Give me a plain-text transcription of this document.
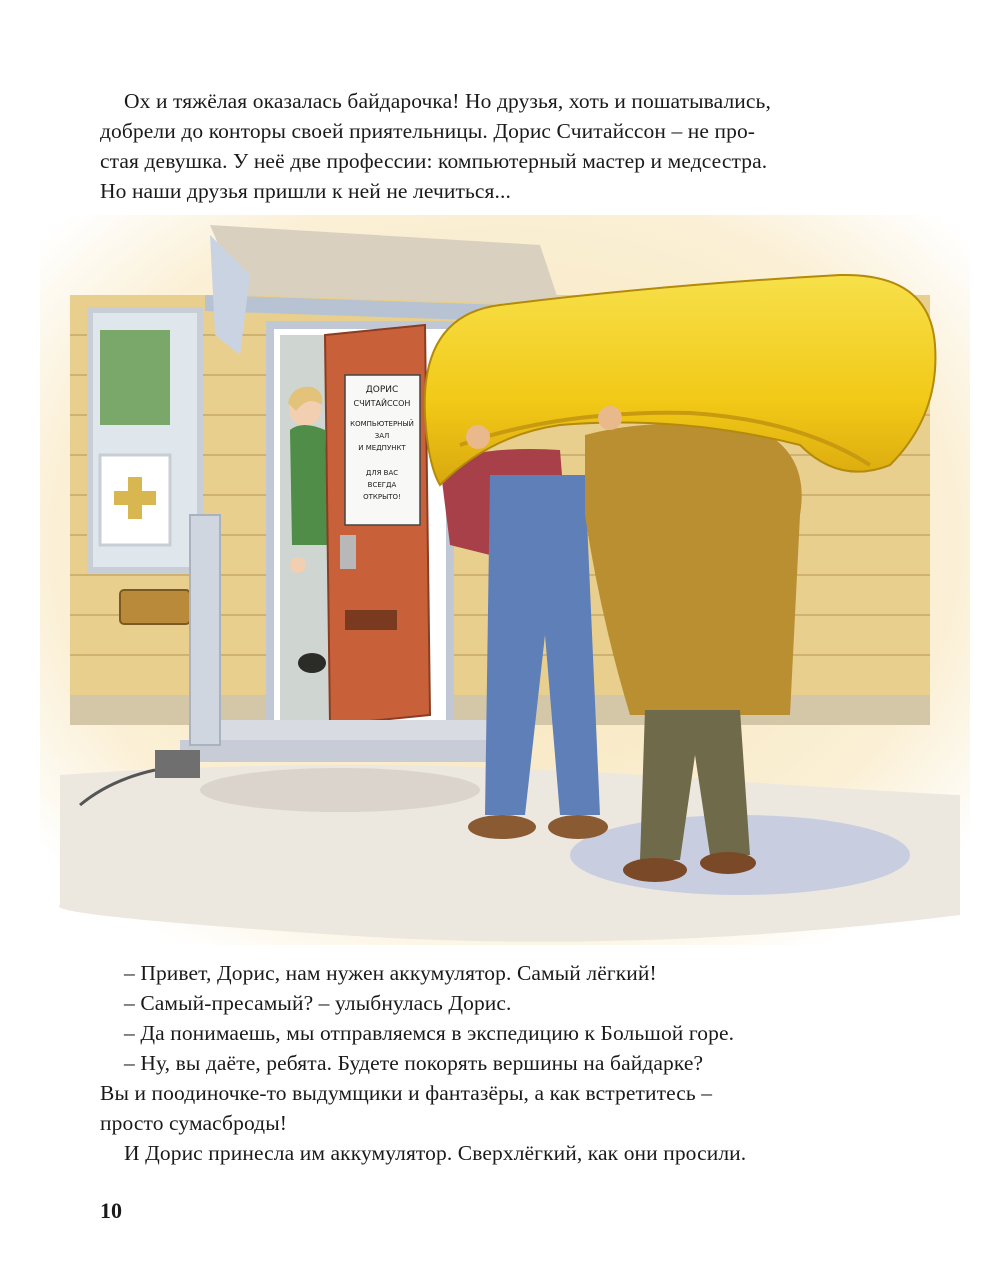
Ох и тяжёлая оказалась байдарочка! Но друзья, хоть и пошатывались,

добрели до конторы своей приятельницы. Дорис Считайссон – не про-

стая девушка. У неё две профессии: компьютерный мастер и медсестра.

Но наши друзья пришли к ней не лечиться...

ДОРИС
СЧИТАЙССОН
КОМПЬЮТЕРНЫЙ
ЗАЛ
И МЕДПУНКТ
ДЛЯ ВАС
ВСЕГДА
ОТКРЫТО!

– Привет, Дорис, нам нужен аккумулятор. Самый лёгкий!

– Самый-пресамый? – улыбнулась Дорис.

– Да понимаешь, мы отправляемся в экспедицию к Большой горе.

– Ну, вы даёте, ребята. Будете покорять вершины на байдарке?

Вы и поодиночке-то выдумщики и фантазёры, а как встретитесь –

просто сумасброды!

И Дорис принесла им аккумулятор. Сверхлёгкий, как они просили.

10
